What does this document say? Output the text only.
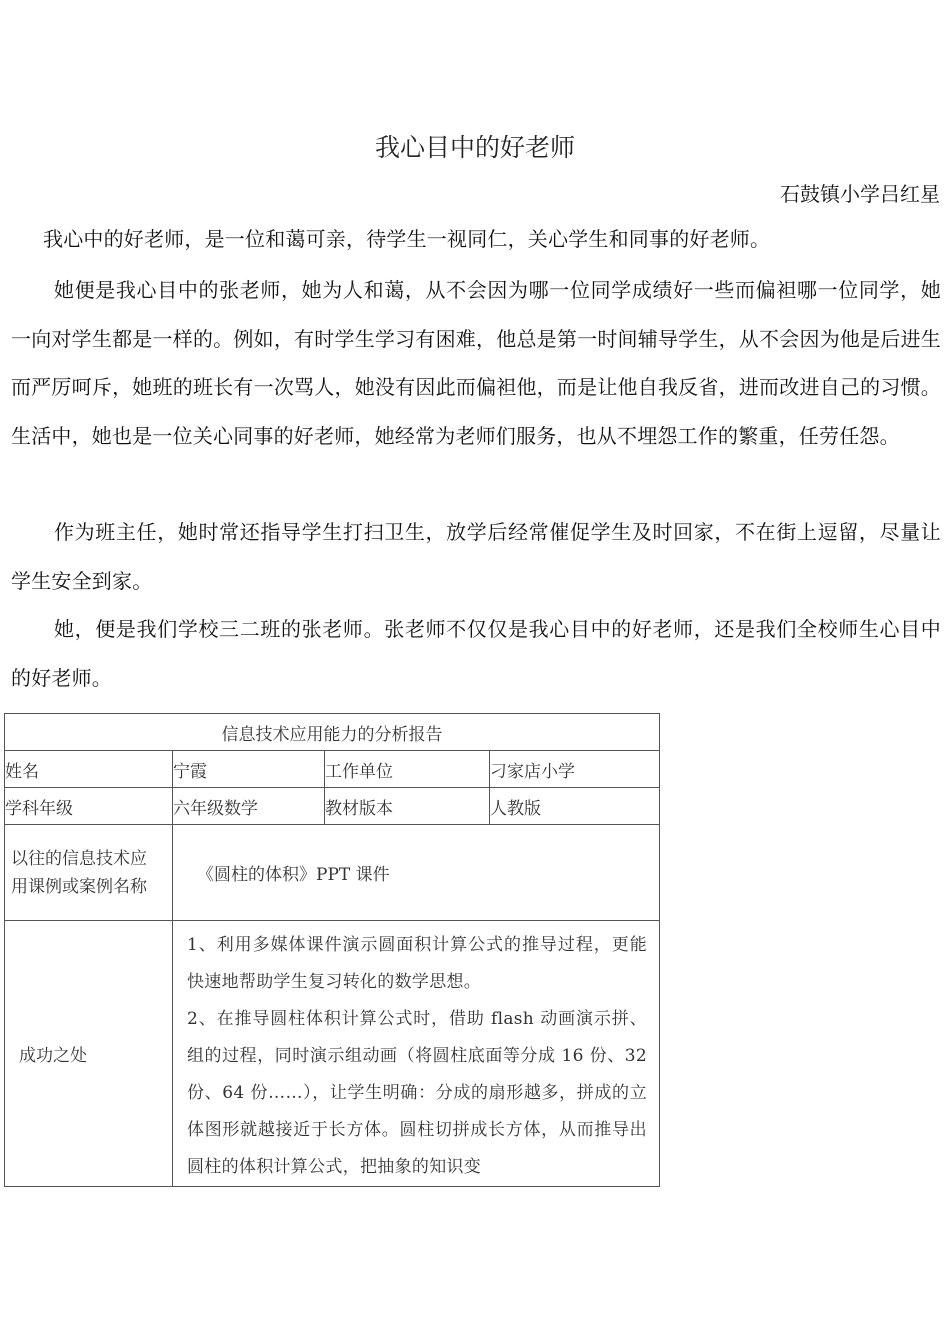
我心目中的好老师
石鼓镇小学吕红星

我心中的好老师，是一位和蔼可亲，待学生一视同仁，关心学生和同事的好老师。

她便是我心目中的张老师，她为人和蔼，从不会因为哪一位同学成绩好一些而偏袒哪一位同学，她一向对学生都是一样的。例如，有时学生学习有困难，他总是第一时间辅导学生，从不会因为他是后进生而严厉呵斥，她班的班长有一次骂人，她没有因此而偏袒他，而是让他自我反省，进而改进自己的习惯。生活中，她也是一位关心同事的好老师，她经常为老师们服务，也从不埋怨工作的繁重，任劳任怨。

作为班主任，她时常还指导学生打扫卫生，放学后经常催促学生及时回家，不在街上逗留，尽量让学生安全到家。

她，便是我们学校三二班的张老师。张老师不仅仅是我心目中的好老师，还是我们全校师生心目中的好老师。

信息技术应用能力的分析报告			
姓名	宁霞	工作单位	刁家店小学
学科年级	六年级数学	教材版本	人教版

以往的信息技术应
用课例或案例名称	《圆柱的体积》PPT 课件		
成功之处	1、利用多媒体课件演示圆面积计算公式的推导过程，更能快速地帮助学生复习转化的数学思想。

2、在推导圆柱体积计算公式时，借助 flash 动画演示拼、组的过程，同时演示组动画（将圆柱底面等分成 16 份、32 份、64 份……），让学生明确：分成的扇形越多，拼成的立体图形就越接近于长方体。圆柱切拼成长方体，从而推导出圆柱的体积计算公式，把抽象的知识变		
